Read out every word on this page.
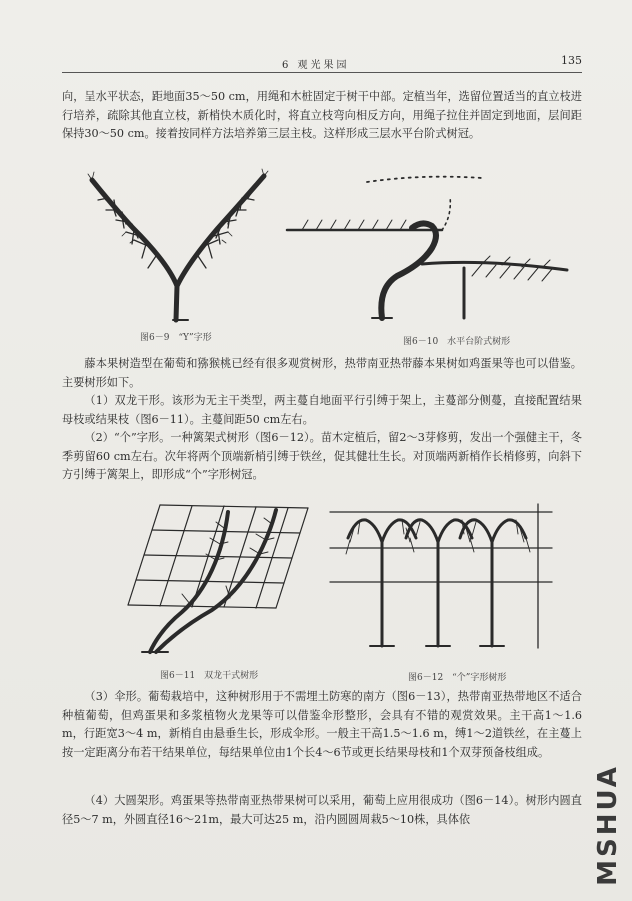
6 观光果园	135

向，呈水平状态，距地面35～50 cm，用绳和木桩固定于树干中部。定植当年，选留位置适当的直立枝进行培养，疏除其他直立枝，新梢快木质化时，将直立枝弯向相反方向，用绳子拉住并固定到地面，层间距保持30～50 cm。接着按同样方法培养第三层主枝。这样形成三层水平台阶式树冠。

图6－9　“Y”字形	图6－10　水平台阶式树形

藤本果树造型在葡萄和猕猴桃已经有很多观赏树形，热带南亚热带藤本果树如鸡蛋果等也可以借鉴。主要树形如下。

（1）双龙干形。该形为无主干类型，两主蔓自地面平行引缚于架上，主蔓部分侧蔓，直接配置结果母枝或结果枝（图6－11）。主蔓间距50 cm左右。

（2）“个”字形。一种篱架式树形（图6－12）。苗木定植后，留2～3芽修剪，发出一个强健主干，冬季剪留60 cm左右。次年将两个顶端新梢引缚于铁丝，促其健壮生长。对顶端两新梢作长梢修剪，向斜下方引缚于篱架上，即形成“个”字形树冠。

图6－11　双龙干式树形	图6－12　“个”字形树形

（3）伞形。葡萄栽培中，这种树形用于不需埋土防寒的南方（图6－13），热带南亚热带地区不适合种植葡萄，但鸡蛋果和多浆植物火龙果等可以借鉴伞形整形，会具有不错的观赏效果。主干高1～1.6 m，行距宽3～4 m，新梢自由悬垂生长，形成伞形。一般主干高1.5～1.6 m，缚1～2道铁丝，在主蔓上按一定距离分布若干结果单位，每结果单位由1个长4～6节或更长结果母枝和1个双芽预备枝组成。

（4）大圆架形。鸡蛋果等热带南亚热带果树可以采用，葡萄上应用很成功（图6－14）。树形内圆直径5～7 m，外圆直径16～21m，最大可达25 m，沿内圆圆周栽5～10株，具体依	MSHUA
